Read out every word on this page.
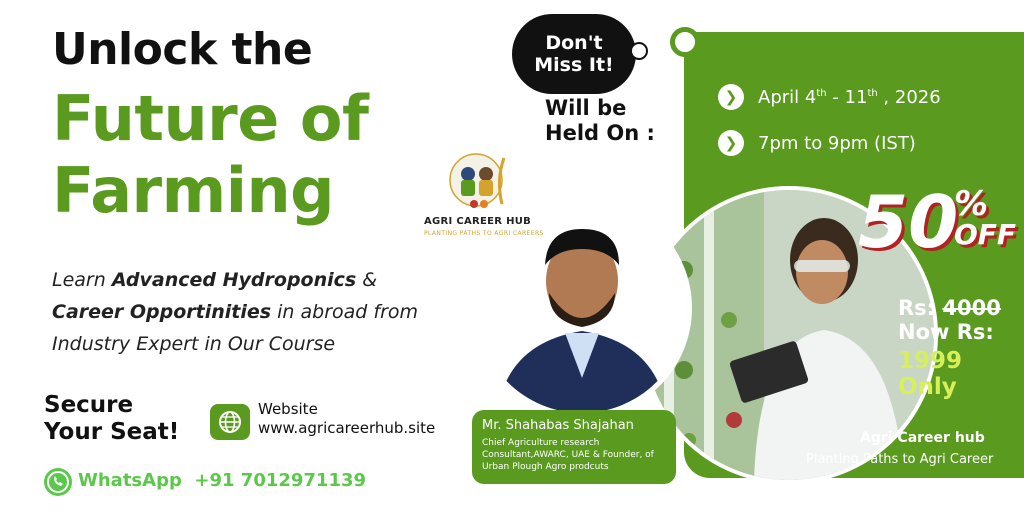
Unlock the
Future of
Farming
Learn Advanced Hydroponics &
Career Opportinities in abroad from
Industry Expert in Our Course
Secure
Your Seat!
Website
www.agricareerhub.site
WhatsApp +91 7012971139
Don't
Miss It!
Will be
Held On :
❯	April 4th - 11th , 2026
❯	7pm to 9pm (IST)
AGRI CAREER HUB
PLANTING PATHS TO AGRI CAREERS	50
%
OFF
Rs: 4000
Now Rs:
1999 Only
Agri Career hub
Planting Paths to Agri Career
Mr. Shahabas Shajahan
Chief Agriculture research Consultant,AWARC, UAE & Founder, of Urban Plough Agro prodcuts
